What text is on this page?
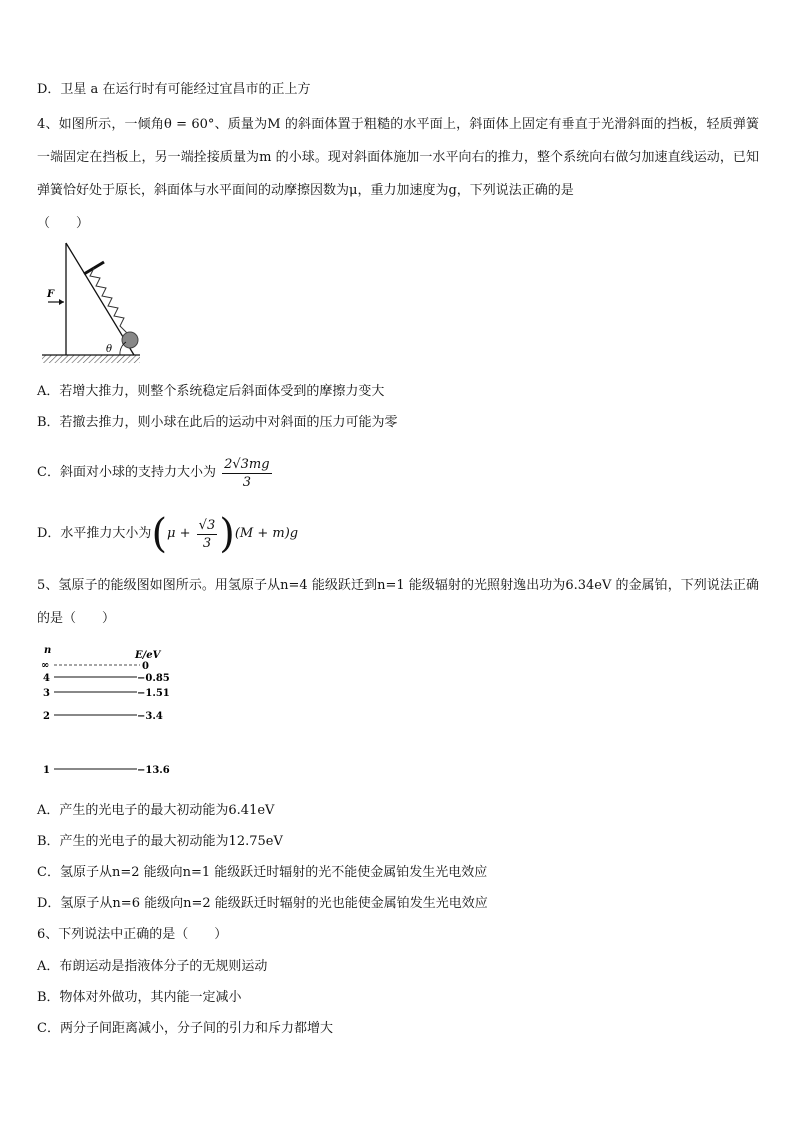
D．卫星 a 在运行时有可能经过宜昌市的正上方
4、如图所示，一倾角θ = 60°、质量为M 的斜面体置于粗糙的水平面上，斜面体上固定有垂直于光滑斜面的挡板，轻质弹簧一端固定在挡板上，另一端拴接质量为m 的小球。现对斜面体施加一水平向右的推力，整个系统向右做匀加速直线运动，已知弹簧恰好处于原长，斜面体与水平面间的动摩擦因数为μ，重力加速度为g，下列说法正确的是
（　　）
F
θ
A．若增大推力，则整个系统稳定后斜面体受到的摩擦力变大
B．若撤去推力，则小球在此后的运动中对斜面的压力可能为零
C．斜面对小球的支持力大小为 $\frac{2√3mg}{3}$
D．水平推力大小为$(\mu + \frac{√3}{3} )(M + m)g$
5、氢原子的能级图如图所示。用氢原子从n=4 能级跃迁到n=1 能级辐射的光照射逸出功为6.34eV 的金属铂，下列说法正确的是（　　）
n	E/eV
∞	0
4	−0.85
3	−1.51
2	−3.4
1	−13.6
A．产生的光电子的最大初动能为6.41eV
B．产生的光电子的最大初动能为12.75eV
C．氢原子从n=2 能级向n=1 能级跃迁时辐射的光不能使金属铂发生光电效应
D．氢原子从n=6 能级向n=2 能级跃迁时辐射的光也能使金属铂发生光电效应
6、下列说法中正确的是（　　）
A．布朗运动是指液体分子的无规则运动
B．物体对外做功，其内能一定减小
C．两分子间距离减小，分子间的引力和斥力都增大
